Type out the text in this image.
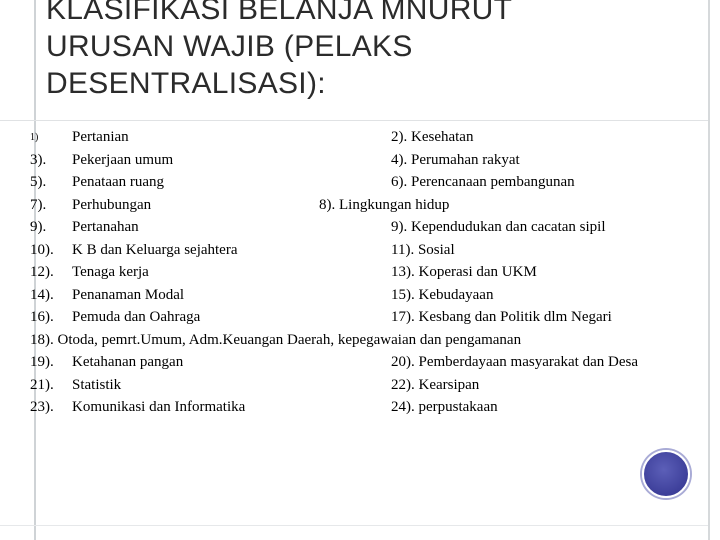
KLASIFIKASI BELANJA MNURUT
URUSAN WAJIB (PELAKS
DESENTRALISASI):
1) Pertanian	2). Kesehatan
3). Pekerjaan umum	4). Perumahan rakyat
5). Penataan ruang	6). Perencanaan pembangunan
7). Perhubungan	8). Lingkungan hidup
9). Pertanahan	9). Kependudukan dan cacatan sipil
10). K B dan Keluarga sejahtera	11). Sosial
12). Tenaga kerja	13). Koperasi dan UKM
14). Penanaman Modal	15). Kebudayaan
16). Pemuda dan Oahraga	17). Kesbang dan Politik dlm Negari
18). Otoda, pemrt.Umum, Adm.Keuangan Daerah, kepegawaian dan pengamanan
19). Ketahanan pangan	20). Pemberdayaan masyarakat dan Desa
21). Statistik	22). Kearsipan
23). Komunikasi dan Informatika	24). perpustakaan
